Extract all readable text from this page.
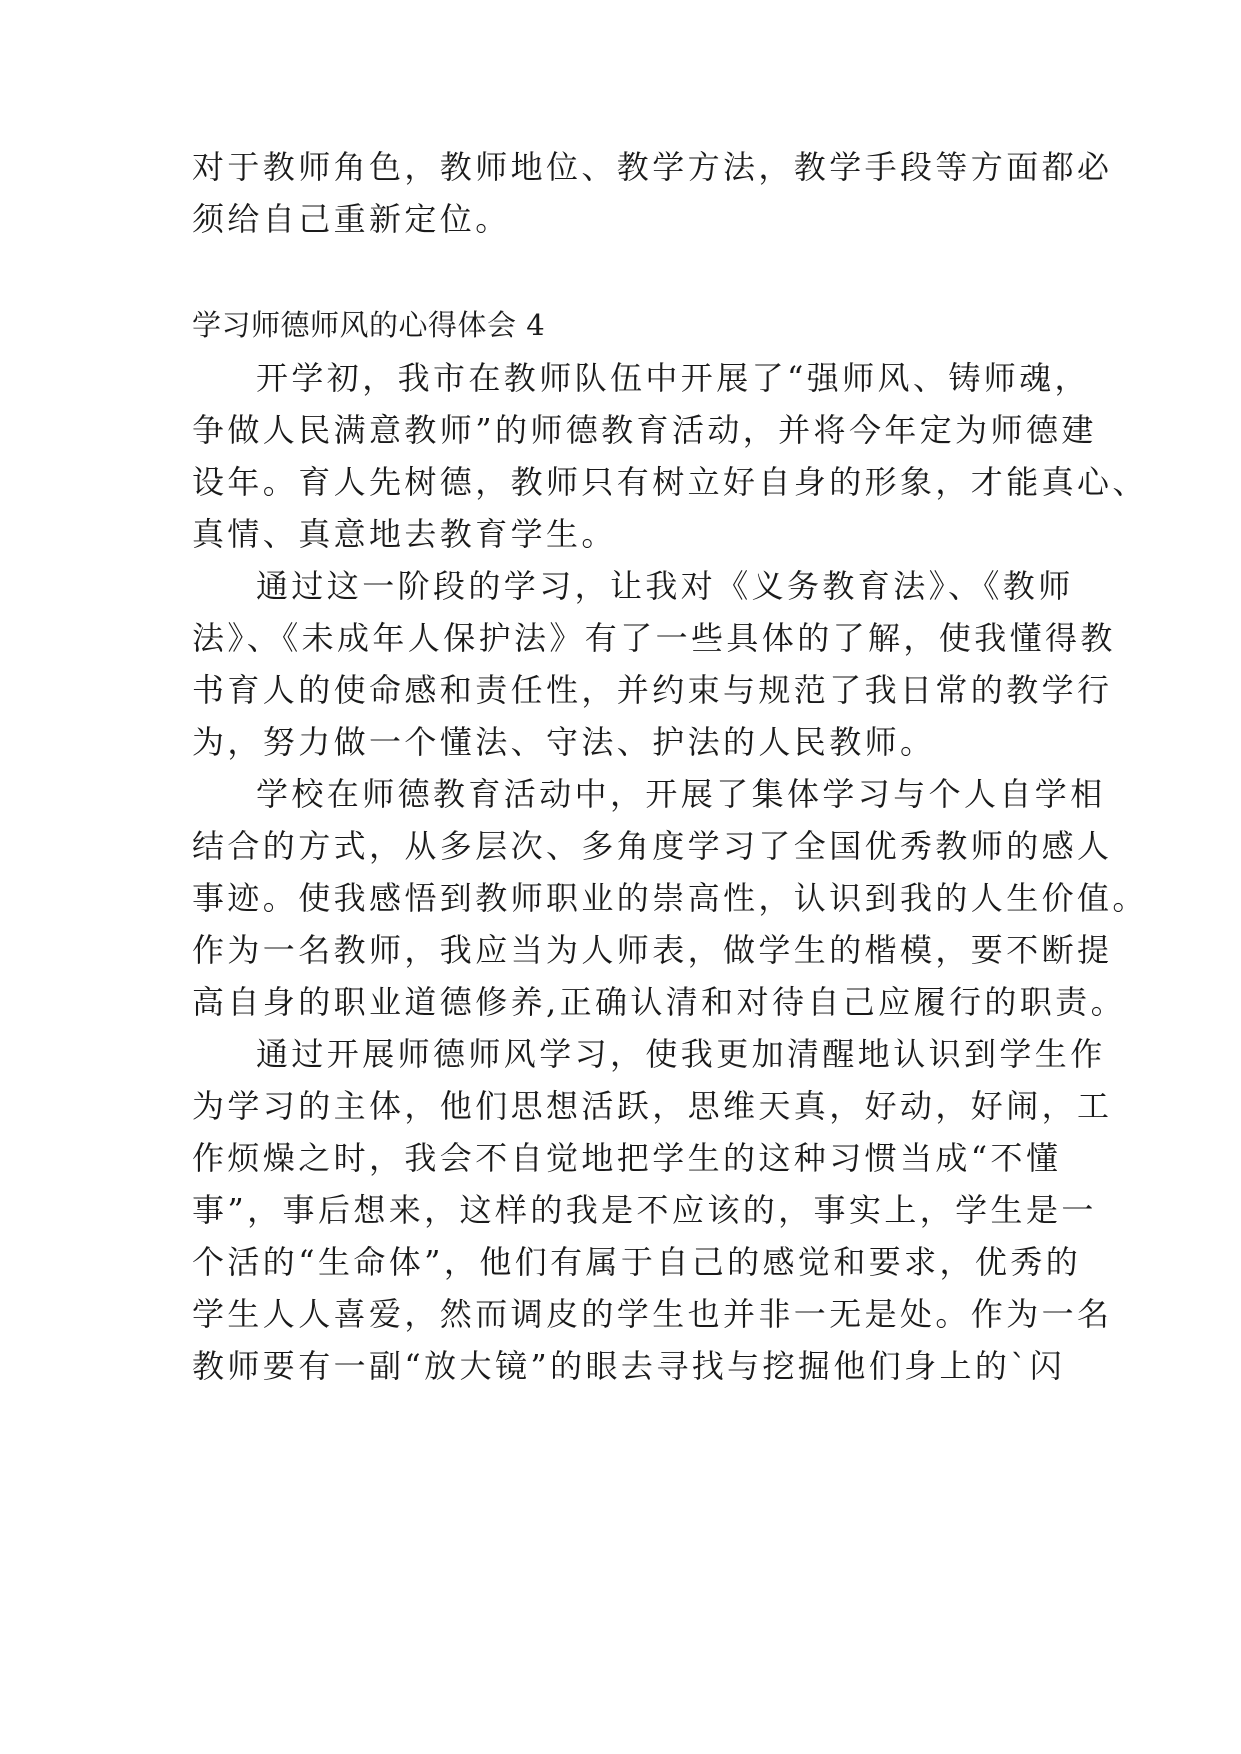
对于教师角色，教师地位、教学方法，教学手段等方面都必
须给自己重新定位。
学习师德师风的心得体会 4
开学初，我市在教师队伍中开展了“强师风、铸师魂，
争做人民满意教师”的师德教育活动，并将今年定为师德建
设年。育人先树德，教师只有树立好自身的形象，才能真心、
真情、真意地去教育学生。
通过这一阶段的学习，让我对《义务教育法》、《教师
法》、《未成年人保护法》有了一些具体的了解，使我懂得教
书育人的使命感和责任性，并约束与规范了我日常的教学行
为，努力做一个懂法、守法、护法的人民教师。
学校在师德教育活动中，开展了集体学习与个人自学相
结合的方式，从多层次、多角度学习了全国优秀教师的感人
事迹。使我感悟到教师职业的崇高性，认识到我的人生价值。
作为一名教师，我应当为人师表，做学生的楷模，要不断提
高自身的职业道德修养,正确认清和对待自己应履行的职责。
通过开展师德师风学习，使我更加清醒地认识到学生作
为学习的主体，他们思想活跃，思维天真，好动，好闹，工
作烦燥之时，我会不自觉地把学生的这种习惯当成“不懂
事”，事后想来，这样的我是不应该的，事实上，学生是一
个活的“生命体”，他们有属于自己的感觉和要求，优秀的
学生人人喜爱，然而调皮的学生也并非一无是处。作为一名
教师要有一副“放大镜”的眼去寻找与挖掘他们身上的`闪
